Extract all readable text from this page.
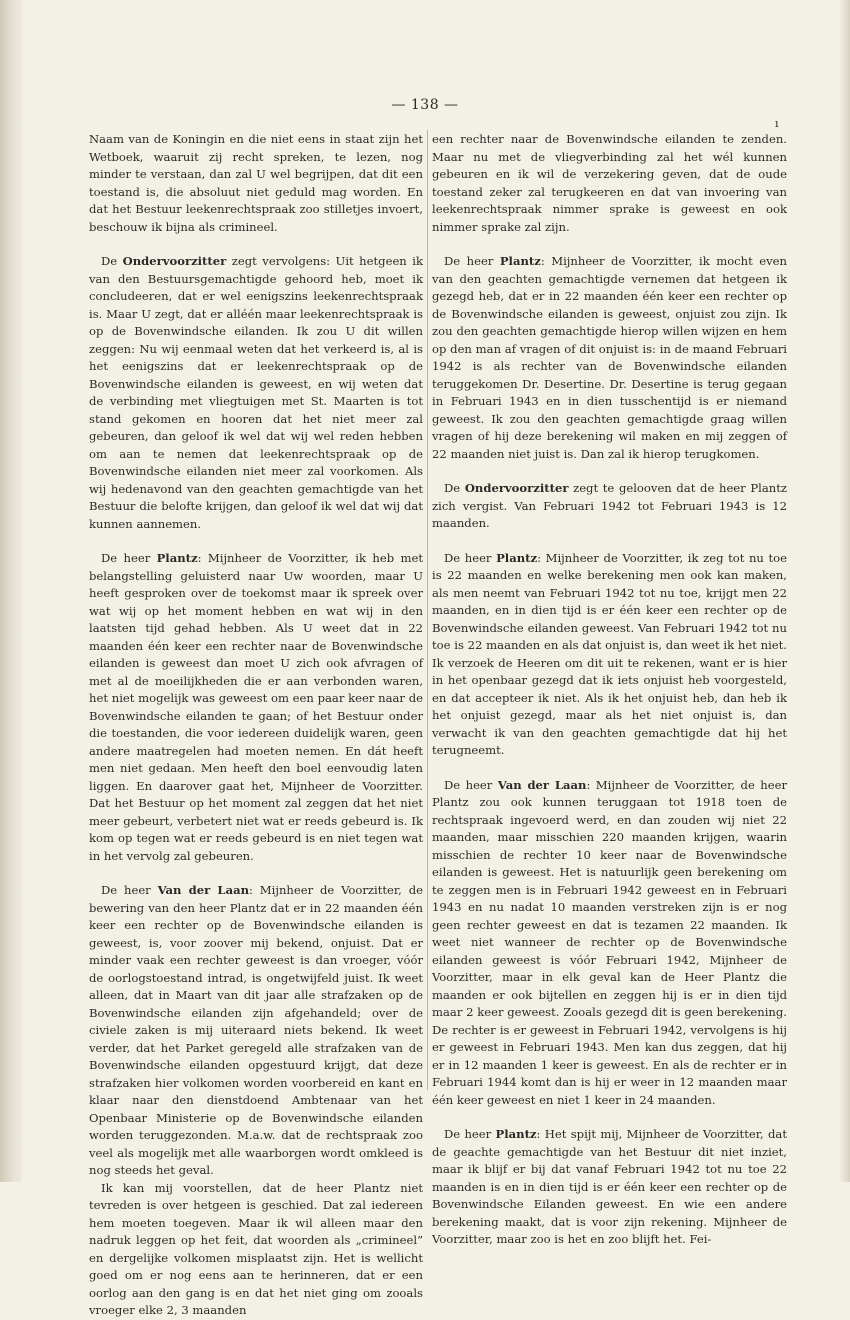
— 138 —
ı

Naam van de Koningin en die niet eens in staat zijn het Wetboek, waaruit zij recht spreken, te lezen, nog minder te verstaan, dan zal U wel begrijpen, dat dit een toestand is, die absoluut niet geduld mag worden. En dat het Bestuur leekenrechtspraak zoo stilletjes invoert, beschouw ik bijna als crimineel.

De Ondervoorzitter zegt vervolgens: Uit hetgeen ik van den Bestuursgemachtigde gehoord heb, moet ik concludeeren, dat er wel eenigszins leekenrechtspraak is. Maar U zegt, dat er alléén maar leekenrechtspraak is op de Bovenwindsche eilanden. Ik zou U dit willen zeggen: Nu wij eenmaal weten dat het verkeerd is, al is het eenigszins dat er leekenrechtspraak op de Bovenwindsche eilanden is geweest, en wij weten dat de verbinding met vliegtuigen met St. Maarten is tot stand gekomen en hooren dat het niet meer zal gebeuren, dan geloof ik wel dat wij wel reden hebben om aan te nemen dat leekenrechtspraak op de Bovenwindsche eilanden niet meer zal voorkomen. Als wij hedenavond van den geachten gemachtigde van het Bestuur die belofte krijgen, dan geloof ik wel dat wij dat kunnen aannemen.

De heer Plantz: Mijnheer de Voorzitter, ik heb met belangstelling geluisterd naar Uw woorden, maar U heeft gesproken over de toekomst maar ik spreek over wat wij op het moment hebben en wat wij in den laatsten tijd gehad hebben. Als U weet dat in 22 maanden één keer een rechter naar de Bovenwindsche eilanden is geweest dan moet U zich ook afvragen of met al de moeilijkheden die er aan verbonden waren, het niet mogelijk was geweest om een paar keer naar de Bovenwindsche eilanden te gaan; of het Bestuur onder die toestanden, die voor iedereen duidelijk waren, geen andere maatregelen had moeten nemen. En dát heeft men niet gedaan. Men heeft den boel eenvoudig laten liggen. En daarover gaat het, Mijnheer de Voorzitter. Dat het Bestuur op het moment zal zeggen dat het niet meer gebeurt, verbetert niet wat er reeds gebeurd is. Ik kom op tegen wat er reeds gebeurd is en niet tegen wat in het vervolg zal gebeuren.

De heer Van der Laan: Mijnheer de Voorzitter, de bewering van den heer Plantz dat er in 22 maanden één keer een rechter op de Bovenwindsche eilanden is geweest, is, voor zoover mij bekend, onjuist. Dat er minder vaak een rechter geweest is dan vroeger, vóór de oorlogstoestand intrad, is ongetwijfeld juist. Ik weet alleen, dat in Maart van dit jaar alle strafzaken op de Bovenwindsche eilanden zijn afgehandeld; over de civiele zaken is mij uiteraard niets bekend. Ik weet verder, dat het Parket geregeld alle strafzaken van de Bovenwindsche eilanden opgestuurd krijgt, dat deze strafzaken hier volkomen worden voorbereid en kant en klaar naar den dienstdoend Ambtenaar van het Openbaar Ministerie op de Bovenwindsche eilanden worden teruggezonden. M.a.w. dat de rechtspraak zoo veel als mogelijk met alle waarborgen wordt omkleed is nog steeds het geval.

Ik kan mij voorstellen, dat de heer Plantz niet tevreden is over hetgeen is geschied. Dat zal iedereen hem moeten toegeven. Maar ik wil alleen maar den nadruk leggen op het feit, dat woorden als „crimineel” en dergelijke volkomen misplaatst zijn. Het is wellicht goed om er nog eens aan te herinneren, dat er een oorlog aan den gang is en dat het niet ging om zooals vroeger elke 2, 3 maanden

een rechter naar de Bovenwindsche eilanden te zenden. Maar nu met de vliegverbinding zal het wél kunnen gebeuren en ik wil de verzekering geven, dat de oude toestand zeker zal terugkeeren en dat van invoering van leekenrechtspraak nimmer sprake is geweest en ook nimmer sprake zal zijn.

De heer Plantz: Mijnheer de Voorzitter, ik mocht even van den geachten gemachtigde vernemen dat hetgeen ik gezegd heb, dat er in 22 maanden één keer een rechter op de Bovenwindsche eilanden is geweest, onjuist zou zijn. Ik zou den geachten gemachtigde hierop willen wijzen en hem op den man af vragen of dit onjuist is: in de maand Februari 1942 is als rechter van de Bovenwindsche eilanden teruggekomen Dr. Desertine. Dr. Desertine is terug gegaan in Februari 1943 en in dien tusschentijd is er niemand geweest. Ik zou den geachten gemachtigde graag willen vragen of hij deze berekening wil maken en mij zeggen of 22 maanden niet juist is. Dan zal ik hierop terugkomen.

De Ondervoorzitter zegt te gelooven dat de heer Plantz zich vergist. Van Februari 1942 tot Februari 1943 is 12 maanden.

De heer Plantz: Mijnheer de Voorzitter, ik zeg tot nu toe is 22 maanden en welke berekening men ook kan maken, als men neemt van Februari 1942 tot nu toe, krijgt men 22 maanden, en in dien tijd is er één keer een rechter op de Bovenwindsche eilanden geweest. Van Februari 1942 tot nu toe is 22 maanden en als dat onjuist is, dan weet ik het niet. Ik verzoek de Heeren om dit uit te rekenen, want er is hier in het openbaar gezegd dat ik iets onjuist heb voorgesteld, en dat accepteer ik niet. Als ik het onjuist heb, dan heb ik het onjuist gezegd, maar als het niet onjuist is, dan verwacht ik van den geachten gemachtigde dat hij het terugneemt.

De heer Van der Laan: Mijnheer de Voorzitter, de heer Plantz zou ook kunnen teruggaan tot 1918 toen de rechtspraak ingevoerd werd, en dan zouden wij niet 22 maanden, maar misschien 220 maanden krijgen, waarin misschien de rechter 10 keer naar de Bovenwindsche eilanden is geweest. Het is natuurlijk geen berekening om te zeggen men is in Februari 1942 geweest en in Februari 1943 en nu nadat 10 maanden verstreken zijn is er nog geen rechter geweest en dat is tezamen 22 maanden. Ik weet niet wanneer de rechter op de Bovenwindsche eilanden geweest is vóór Februari 1942, Mijnheer de Voorzitter, maar in elk geval kan de Heer Plantz die maanden er ook bijtellen en zeggen hij is er in dien tijd maar 2 keer geweest. Zooals gezegd dit is geen berekening. De rechter is er geweest in Februari 1942, vervolgens is hij er geweest in Februari 1943. Men kan dus zeggen, dat hij er in 12 maanden 1 keer is geweest. En als de rechter er in Februari 1944 komt dan is hij er weer in 12 maanden maar één keer geweest en niet 1 keer in 24 maanden.

De heer Plantz: Het spijt mij, Mijnheer de Voorzitter, dat de geachte gemachtigde van het Bestuur dit niet inziet, maar ik blijf er bij dat vanaf Februari 1942 tot nu toe 22 maanden is en in dien tijd is er één keer een rechter op de Bovenwindsche Eilanden geweest. En wie een andere berekening maakt, dat is voor zijn rekening. Mijnheer de Voorzitter, maar zoo is het en zoo blijft het. Fei-
